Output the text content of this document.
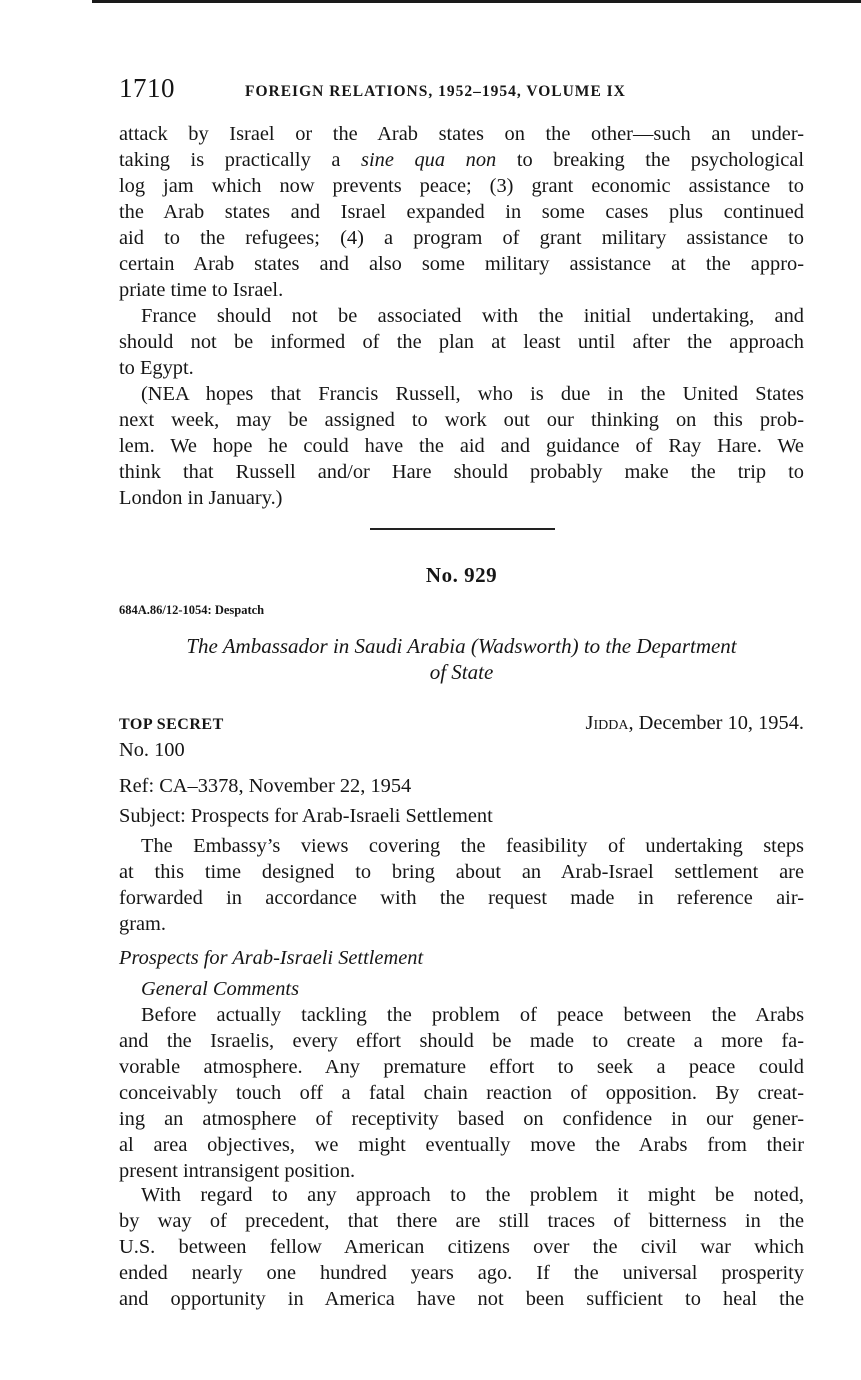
1710	FOREIGN RELATIONS, 1952–1954, VOLUME IX
attack by Israel or the Arab states on the other—such an under-
taking is practically a sine qua non to breaking the psychological
log jam which now prevents peace; (3) grant economic assistance to
the Arab states and Israel expanded in some cases plus continued
aid to the refugees; (4) a program of grant military assistance to
certain Arab states and also some military assistance at the appro-
priate time to Israel.
France should not be associated with the initial undertaking, and
should not be informed of the plan at least until after the approach
to Egypt.
(NEA hopes that Francis Russell, who is due in the United States
next week, may be assigned to work out our thinking on this prob-
lem. We hope he could have the aid and guidance of Ray Hare. We
think that Russell and/or Hare should probably make the trip to
London in January.)
No. 929
684A.86/12-1054: Despatch
The Ambassador in Saudi Arabia (Wadsworth) to the Department
of State
TOP SECRET	Jidda, December 10, 1954.
No. 100
Ref: CA–3378, November 22, 1954
Subject: Prospects for Arab-Israeli Settlement
The Embassy’s views covering the feasibility of undertaking steps
at this time designed to bring about an Arab-Israel settlement are
forwarded in accordance with the request made in reference air-
gram.
Prospects for Arab-Israeli Settlement
General Comments
Before actually tackling the problem of peace between the Arabs
and the Israelis, every effort should be made to create a more fa-
vorable atmosphere. Any premature effort to seek a peace could
conceivably touch off a fatal chain reaction of opposition. By creat-
ing an atmosphere of receptivity based on confidence in our gener-
al area objectives, we might eventually move the Arabs from their
present intransigent position.
With regard to any approach to the problem it might be noted,
by way of precedent, that there are still traces of bitterness in the
U.S. between fellow American citizens over the civil war which
ended nearly one hundred years ago. If the universal prosperity
and opportunity in America have not been sufficient to heal the
